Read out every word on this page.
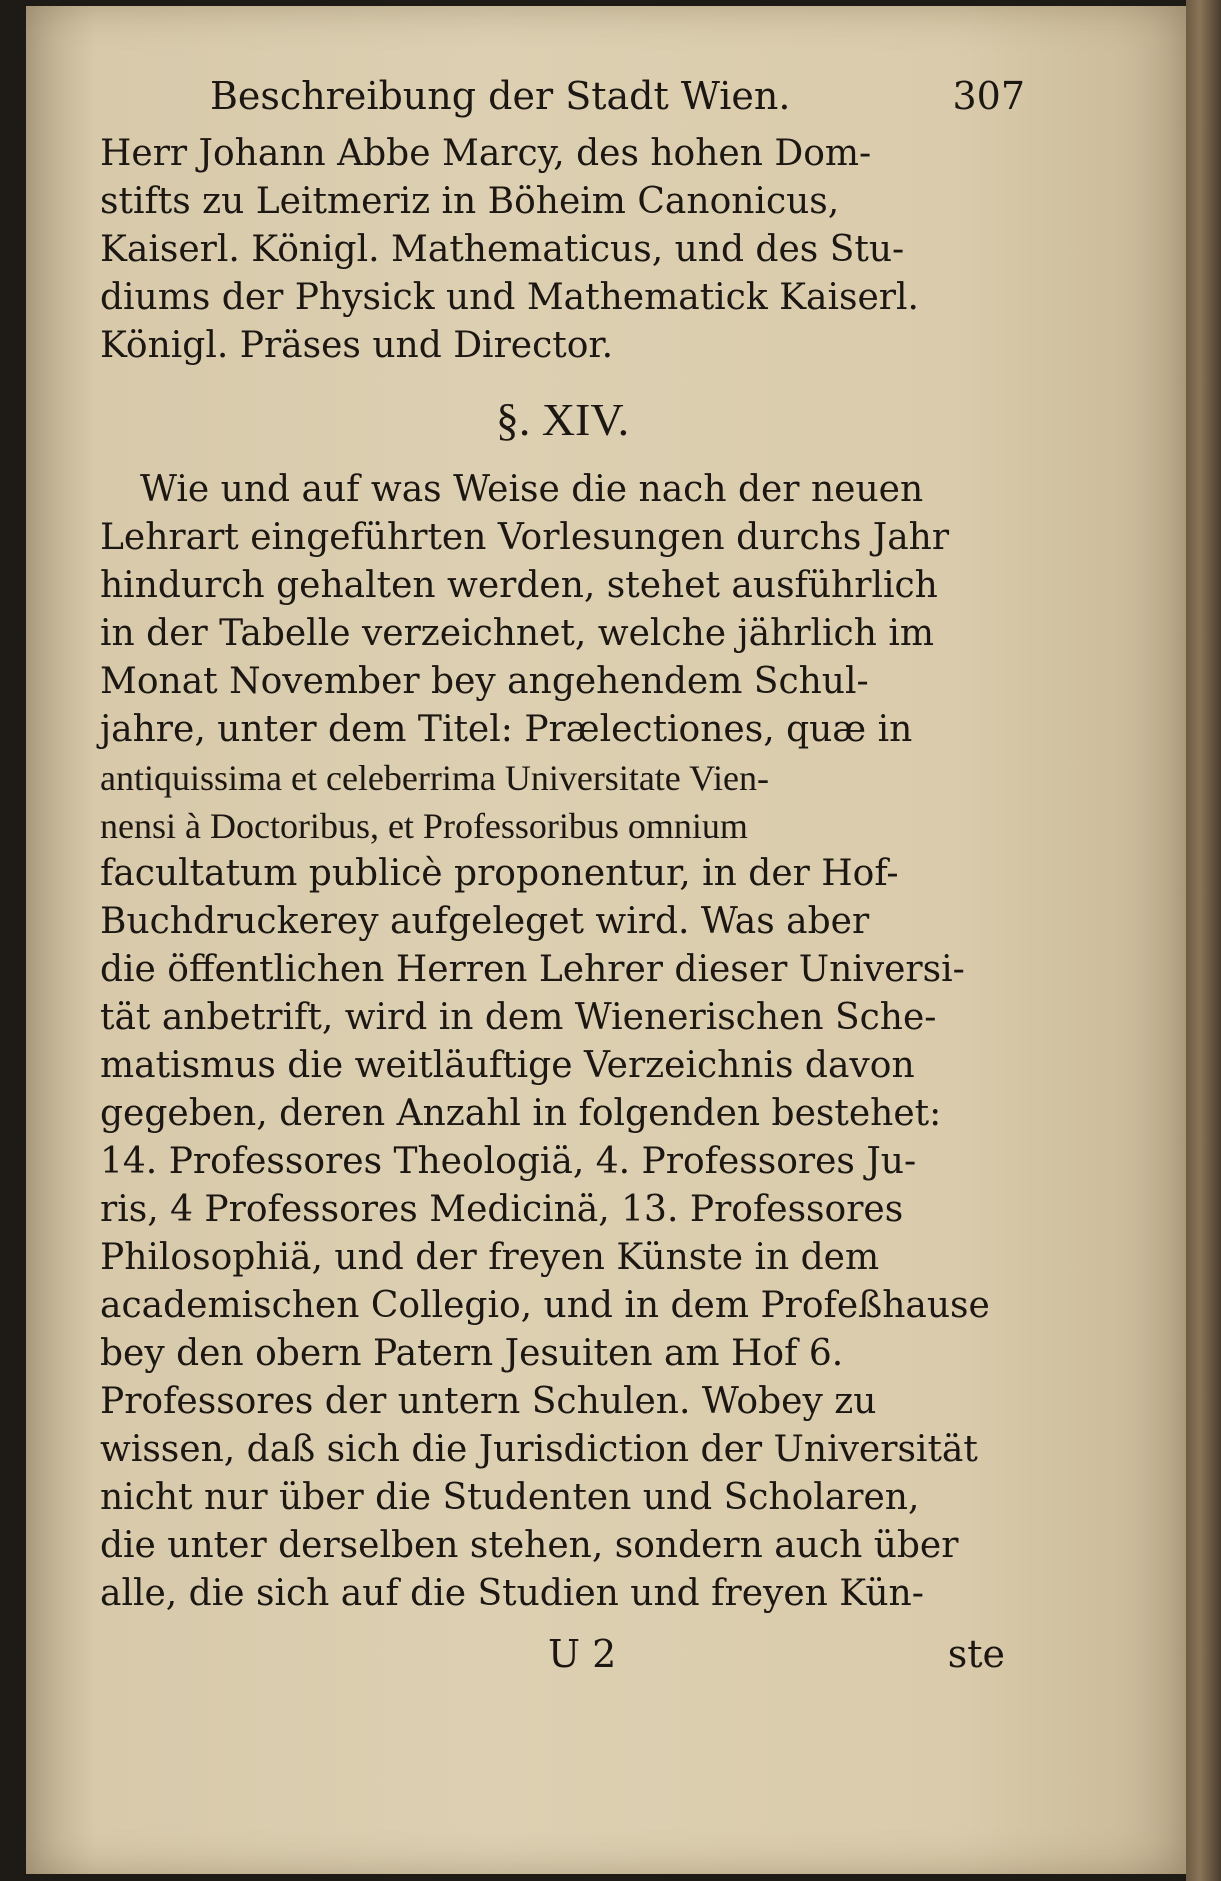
Beschreibung der Stadt Wien.	307
Herr Johann Abbe Marcy, des hohen Dom-
stifts zu Leitmeriz in Böheim Canonicus,
Kaiserl. Königl. Mathematicus, und des Stu-
diums der Physick und Mathematick Kaiserl.
Königl. Präses und Director.
§. XIV.
Wie und auf was Weise die nach der neuen
Lehrart eingeführten Vorlesungen durchs Jahr
hindurch gehalten werden, stehet ausführlich
in der Tabelle verzeichnet, welche jährlich im
Monat November bey angehendem Schul-
jahre, unter dem Titel: Prælectiones, quæ in
antiquissima et celeberrima Universitate Vien-
nensi à Doctoribus, et Professoribus omnium
facultatum publicè proponentur, in der Hof-
Buchdruckerey aufgeleget wird. Was aber
die öffentlichen Herren Lehrer dieser Universi-
tät anbetrift, wird in dem Wienerischen Sche-
matismus die weitläuftige Verzeichnis davon
gegeben, deren Anzahl in folgenden bestehet:
14. Professores Theologiä, 4. Professores Ju-
ris, 4 Professores Medicinä, 13. Professores
Philosophiä, und der freyen Künste in dem
academischen Collegio, und in dem Profeßhause
bey den obern Patern Jesuiten am Hof 6.
Professores der untern Schulen. Wobey zu
wissen, daß sich die Jurisdiction der Universität
nicht nur über die Studenten und Scholaren,
die unter derselben stehen, sondern auch über
alle, die sich auf die Studien und freyen Kün-
U 2	ste
